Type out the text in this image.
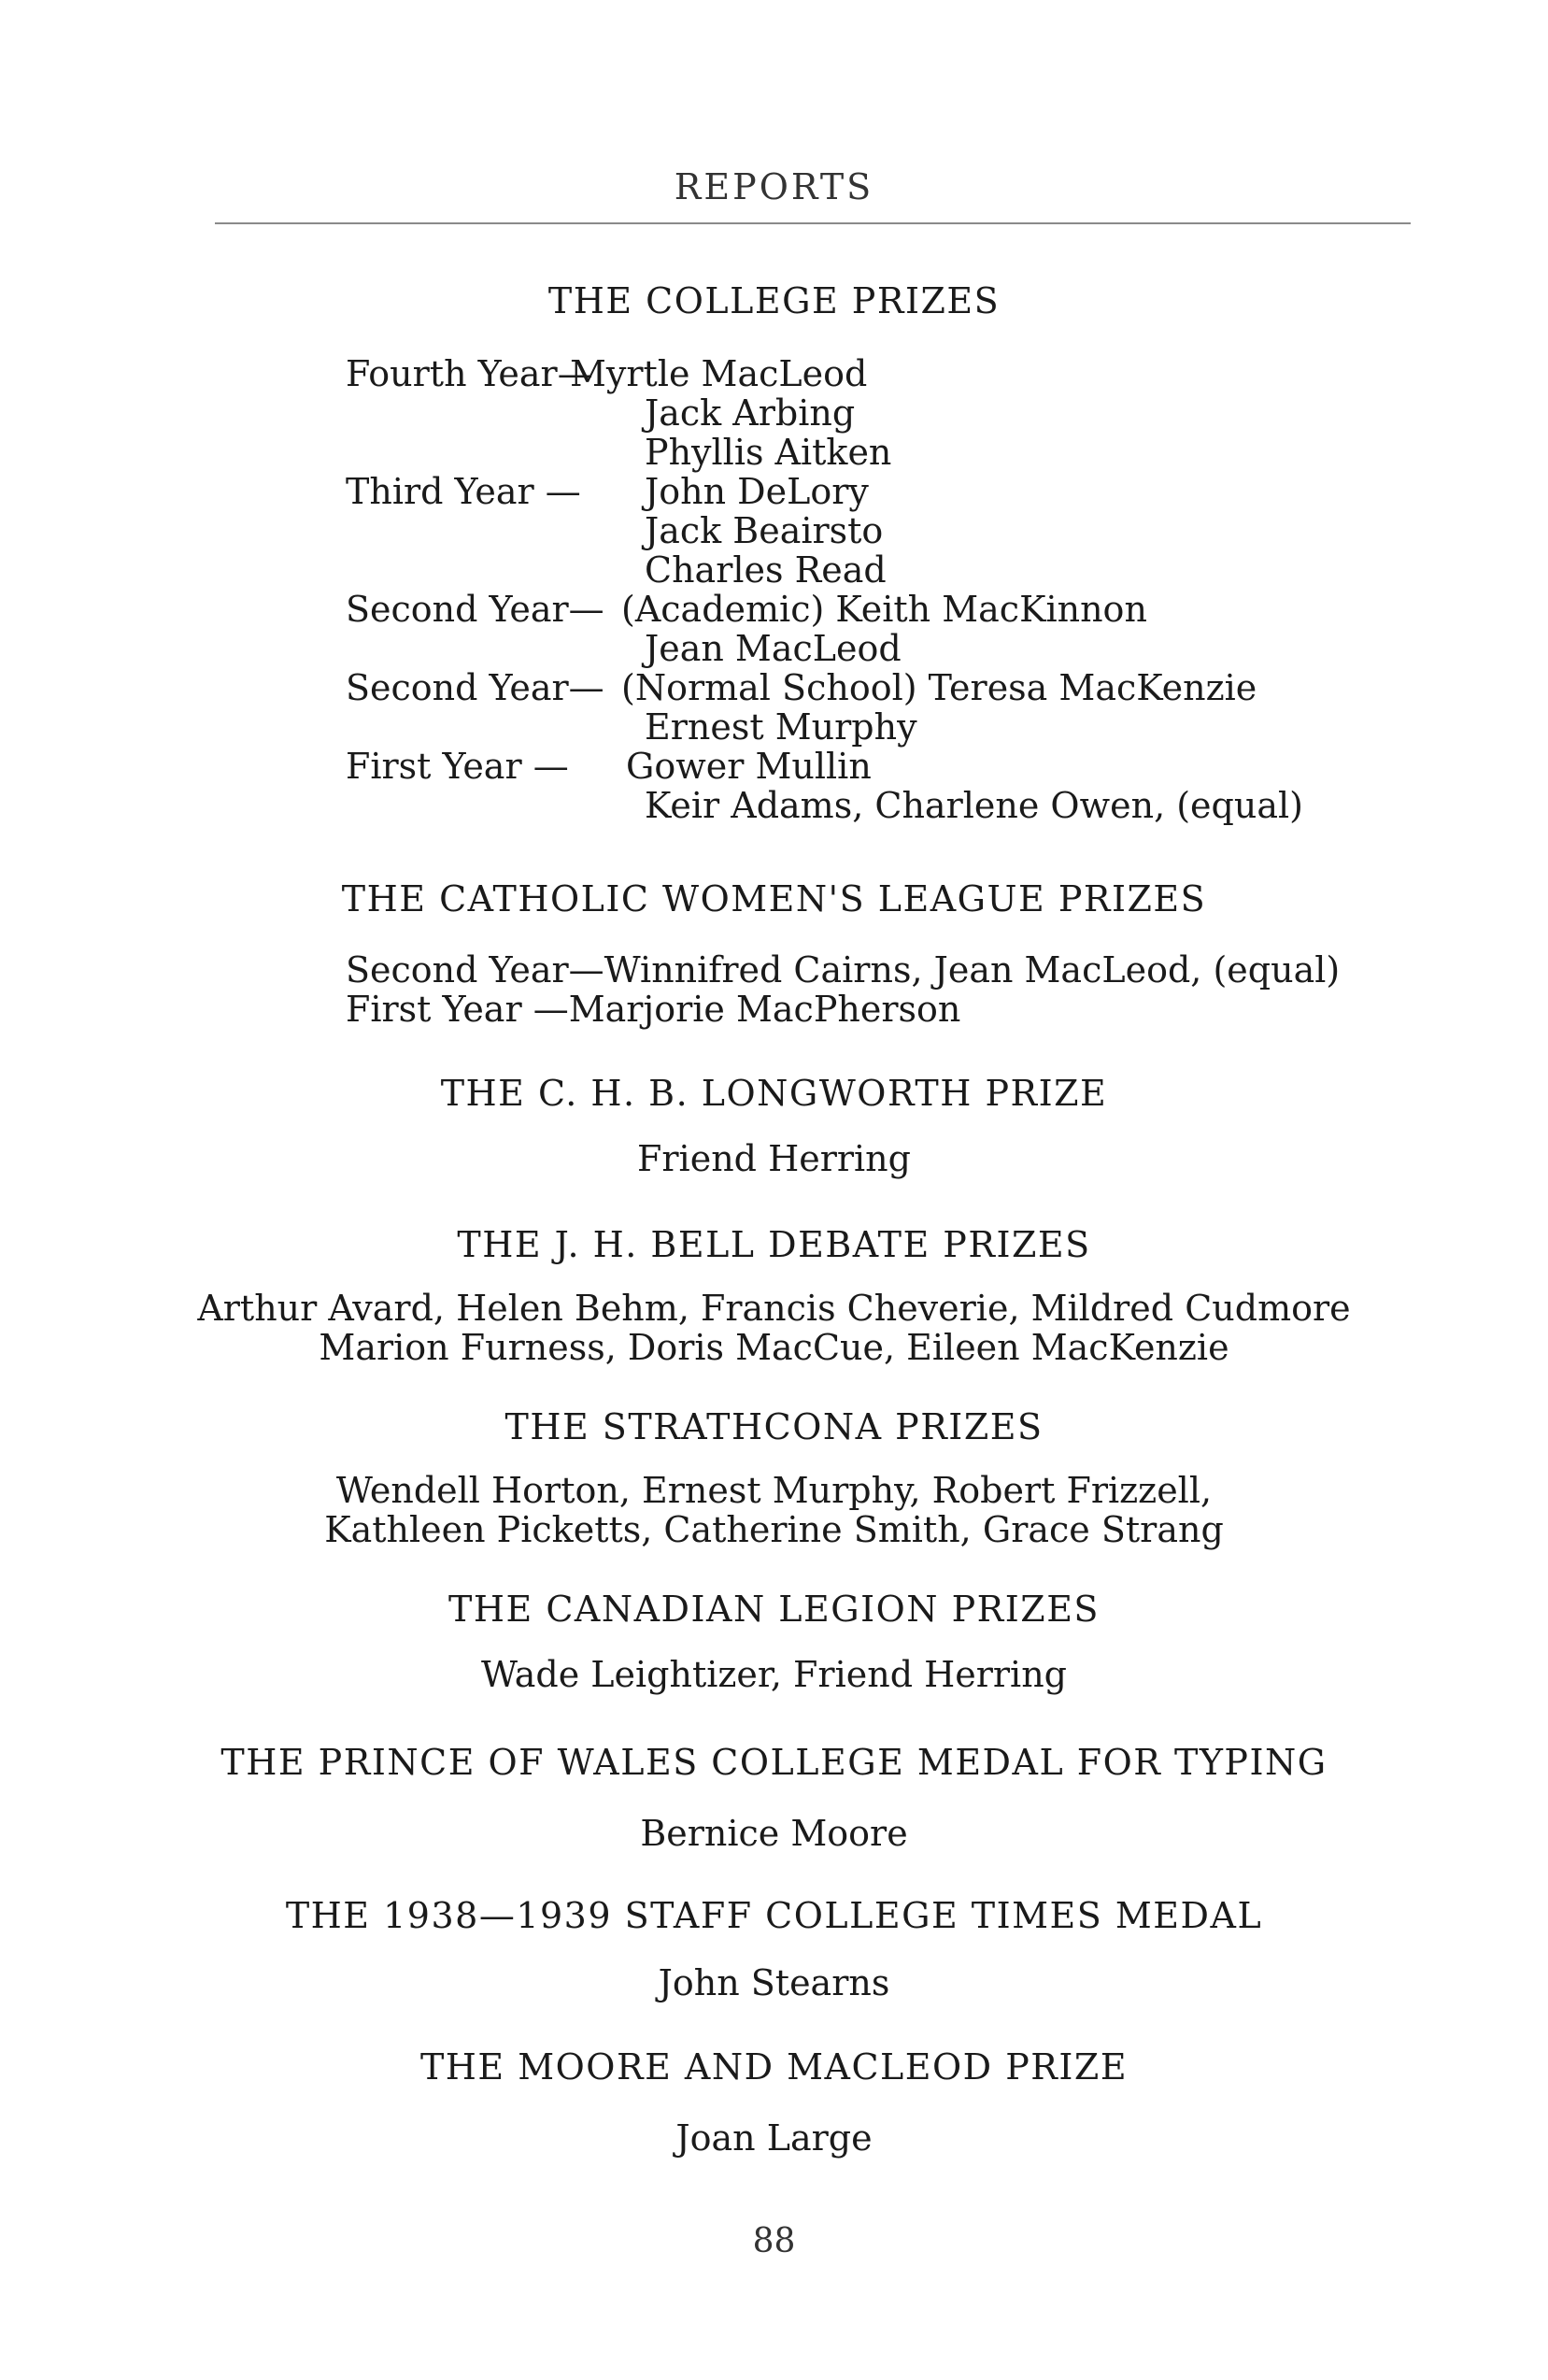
REPORTS
THE COLLEGE PRIZES
Fourth Year—
Myrtle MacLeod
Jack Arbing
Phyllis Aitken
Third Year — John DeLory
Jack Beairsto
Charles Read
Second Year— (Academic) Keith MacKinnon
Jean MacLeod
Second Year— (Normal School) Teresa MacKenzie
Ernest Murphy
First Year — Gower Mullin
Keir Adams, Charlene Owen, (equal)
THE CATHOLIC WOMEN'S LEAGUE PRIZES
Second Year—Winnifred Cairns, Jean MacLeod, (equal)
First Year —Marjorie MacPherson
THE C. H. B. LONGWORTH PRIZE
Friend Herring
THE J. H. BELL DEBATE PRIZES
Arthur Avard, Helen Behm, Francis Cheverie, Mildred Cudmore
Marion Furness, Doris MacCue, Eileen MacKenzie
THE STRATHCONA PRIZES
Wendell Horton, Ernest Murphy, Robert Frizzell,
Kathleen Picketts, Catherine Smith, Grace Strang
THE CANADIAN LEGION PRIZES
Wade Leightizer, Friend Herring
THE PRINCE OF WALES COLLEGE MEDAL FOR TYPING
Bernice Moore
THE 1938—1939 STAFF COLLEGE TIMES MEDAL
John Stearns
THE MOORE AND MACLEOD PRIZE
Joan Large
88
